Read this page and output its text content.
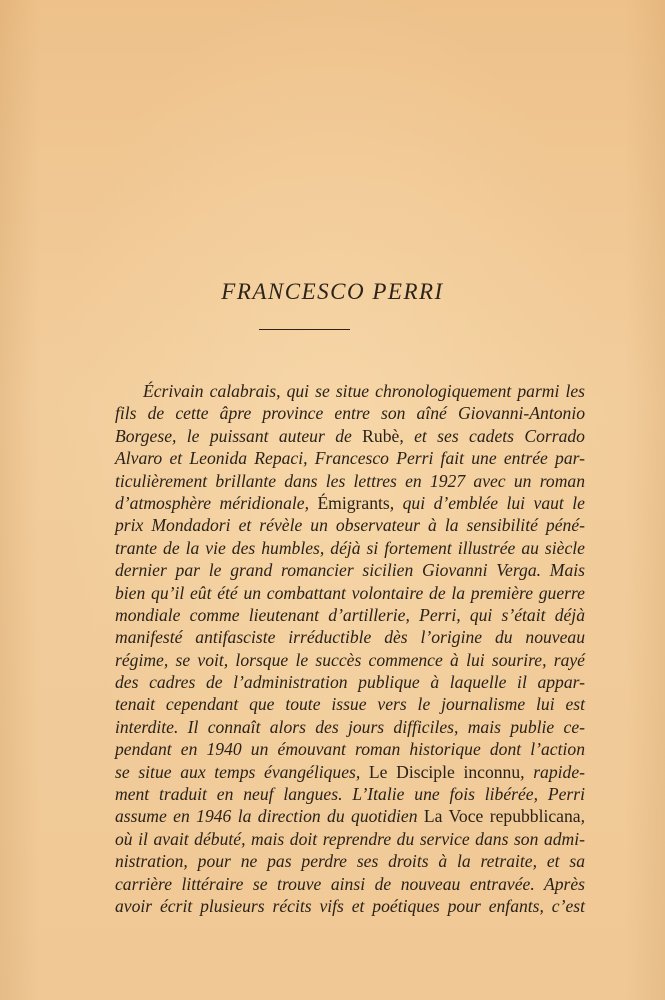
FRANCESCO PERRI
Écrivain calabrais, qui se situe chronologiquement parmi les
fils de cette âpre province entre son aîné Giovanni-Antonio
Borgese, le puissant auteur de Rubè, et ses cadets Corrado
Alvaro et Leonida Repaci, Francesco Perri fait une entrée par-
ticulièrement brillante dans les lettres en 1927 avec un roman
d’atmosphère méridionale, Émigrants, qui d’emblée lui vaut le
prix Mondadori et révèle un observateur à la sensibilité péné-
trante de la vie des humbles, déjà si fortement illustrée au siècle
dernier par le grand romancier sicilien Giovanni Verga. Mais
bien qu’il eût été un combattant volontaire de la première guerre
mondiale comme lieutenant d’artillerie, Perri, qui s’était déjà
manifesté antifasciste irréductible dès l’origine du nouveau
régime, se voit, lorsque le succès commence à lui sourire, rayé
des cadres de l’administration publique à laquelle il appar-
tenait cependant que toute issue vers le journalisme lui est
interdite. Il connaît alors des jours difficiles, mais publie ce-
pendant en 1940 un émouvant roman historique dont l’action
se situe aux temps évangéliques, Le Disciple inconnu, rapide-
ment traduit en neuf langues. L’Italie une fois libérée, Perri
assume en 1946 la direction du quotidien La Voce repubblicana,
où il avait débuté, mais doit reprendre du service dans son admi-
nistration, pour ne pas perdre ses droits à la retraite, et sa
carrière littéraire se trouve ainsi de nouveau entravée. Après
avoir écrit plusieurs récits vifs et poétiques pour enfants, c’est
